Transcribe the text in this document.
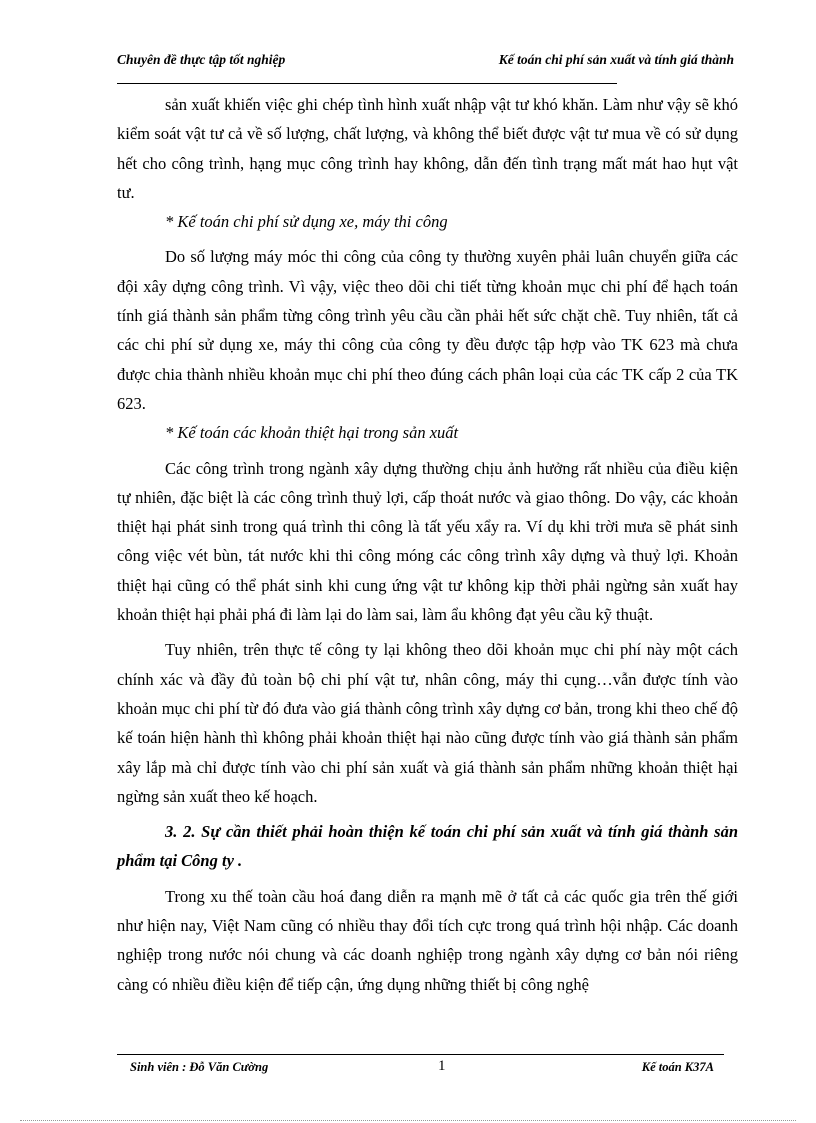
Chuyên đề thực tập tốt nghiệp	Kế toán chi phí sản xuất và tính giá thành

sản xuất khiến việc ghi chép tình hình xuất nhập vật tư khó khăn. Làm như vậy sẽ khó kiểm soát vật tư cả về số lượng, chất lượng, và không thể biết được vật tư mua về có sử dụng hết cho công trình, hạng mục công trình hay không, dẫn đến tình trạng mất mát hao hụt vật tư.

* Kế toán chi phí sử dụng xe, máy thi công

Do số lượng máy móc thi công của công ty thường xuyên phải luân chuyển giữa các đội xây dựng công trình. Vì vậy, việc theo dõi chi tiết từng khoản mục chi phí để hạch toán tính giá thành sản phẩm từng công trình yêu cầu cần phải hết sức chặt chẽ. Tuy nhiên, tất cả các chi phí sử dụng xe, máy thi công của công ty đều được tập hợp vào TK 623 mà chưa được chia thành nhiều khoản mục chi phí theo đúng cách phân loại của các TK cấp 2 của TK 623.

* Kế toán các khoản thiệt hại trong sản xuất

Các công trình trong ngành xây dựng thường chịu ảnh hưởng rất nhiều của điều kiện tự nhiên, đặc biệt là các công trình thuỷ lợi, cấp thoát nước và giao thông. Do vậy, các khoản thiệt hại phát sinh trong quá trình thi công là tất yếu xẩy ra. Ví dụ khi trời mưa sẽ phát sinh công việc vét bùn, tát nước khi thi công móng các công trình xây dựng và thuỷ lợi. Khoản thiệt hại cũng có thể phát sinh khi cung ứng vật tư không kịp thời phải ngừng sản xuất hay khoản thiệt hại phải phá đi làm lại do làm sai, làm ẩu không đạt yêu cầu kỹ thuật.

Tuy nhiên, trên thực tế công ty lại không theo dõi khoản mục chi phí này một cách chính xác và đầy đủ toàn bộ chi phí vật tư, nhân công, máy thi cụng…vẫn được tính vào khoản mục chi phí từ đó đưa vào giá thành công trình xây dựng cơ bản, trong khi theo chế độ kế toán hiện hành thì không phải khoản thiệt hại nào cũng được tính vào giá thành sản phẩm xây lắp mà chỉ được tính vào chi phí sản xuất và giá thành sản phẩm những khoản thiệt hại ngừng sản xuất theo kế hoạch.

3. 2. Sự cần thiết phải hoàn thiện kế toán chi phí sản xuất và tính giá thành sản phẩm tại Công ty .

Trong xu thế toàn cầu hoá đang diễn ra mạnh mẽ ở tất cả các quốc gia trên thế giới như hiện nay, Việt Nam cũng có nhiều thay đổi tích cực trong quá trình hội nhập. Các doanh nghiệp trong nước nói chung và các doanh nghiệp trong ngành xây dựng cơ bản nói riêng càng có nhiều điều kiện để tiếp cận, ứng dụng những thiết bị công nghệ

Sinh viên : Đỗ Văn Cường	1	Kế toán K37A
